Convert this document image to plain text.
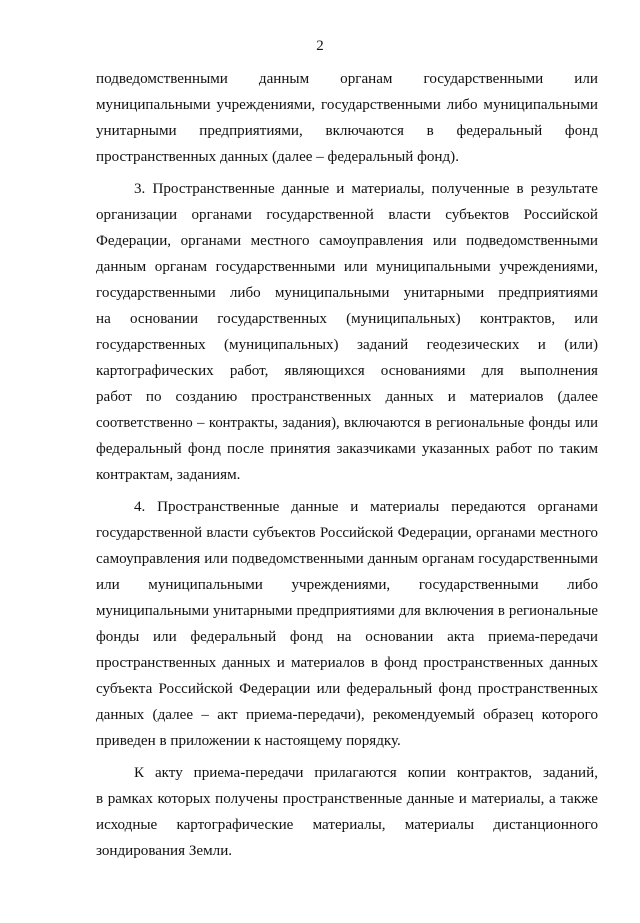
2
подведомственными данным органам государственными или
муниципальными учреждениями, государственными либо муниципальными
унитарными предприятиями, включаются в федеральный фонд
пространственных данных (далее – федеральный фонд).
3. Пространственные данные и материалы, полученные в результате
организации органами государственной власти субъектов Российской
Федерации, органами местного самоуправления или подведомственными
данным органам государственными или муниципальными учреждениями,
государственными либо муниципальными унитарными предприятиями
на основании государственных (муниципальных) контрактов, или
государственных (муниципальных) заданий геодезических и (или)
картографических работ, являющихся основаниями для выполнения
работ по созданию пространственных данных и материалов (далее
соответственно – контракты, задания), включаются в региональные фонды или
федеральный фонд после принятия заказчиками указанных работ по таким
контрактам, заданиям.
4. Пространственные данные и материалы передаются органами
государственной власти субъектов Российской Федерации, органами местного
самоуправления или подведомственными данным органам государственными
или муниципальными учреждениями, государственными либо
муниципальными унитарными предприятиями для включения в региональные
фонды или федеральный фонд на основании акта приема-передачи
пространственных данных и материалов в фонд пространственных данных
субъекта Российской Федерации или федеральный фонд пространственных
данных (далее – акт приема-передачи), рекомендуемый образец которого
приведен в приложении к настоящему порядку.
К акту приема-передачи прилагаются копии контрактов, заданий,
в рамках которых получены пространственные данные и материалы, а также
исходные картографические материалы, материалы дистанционного
зондирования Земли.
